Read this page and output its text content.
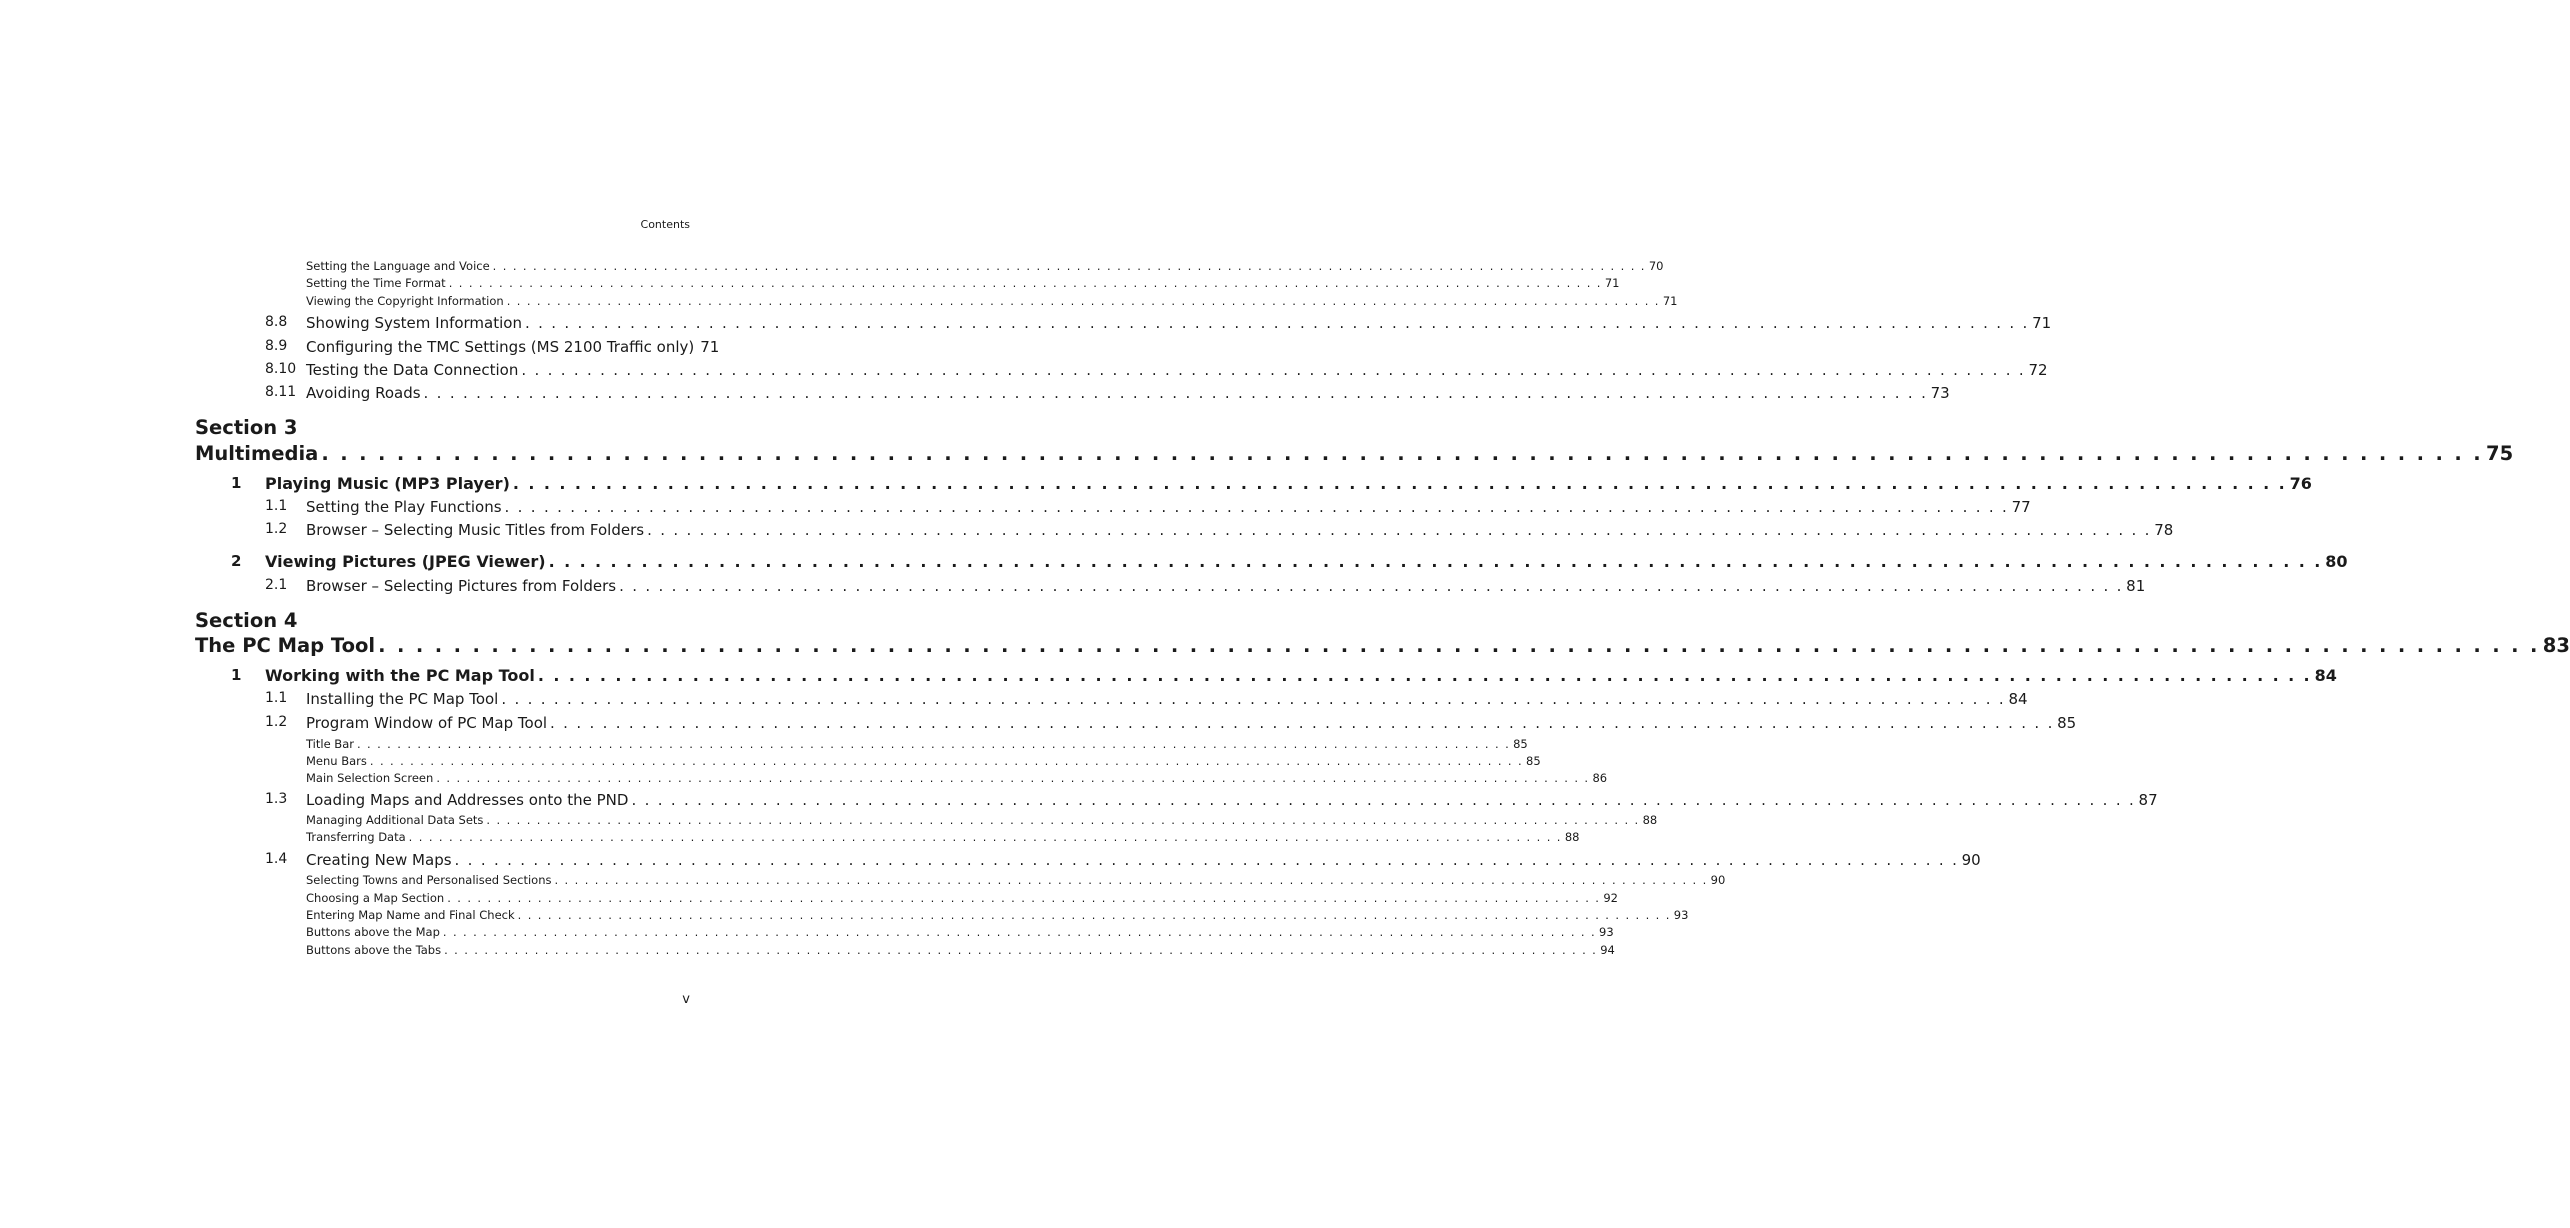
Contents
Setting the Language and Voice . . . . . . . . . . . . . . . . . . . . . . . . . . . . . . . . . . . . . . . . . . . . . . . . . . . . . . . . . . . . . . . . . . . . . . . . . . . . . . . . . . . . . . . . . . . . . . . . . . . . . . . . . . . . . . . . . . . 70
Setting the Time Format . . . . . . . . . . . . . . . . . . . . . . . . . . . . . . . . . . . . . . . . . . . . . . . . . . . . . . . . . . . . . . . . . . . . . . . . . . . . . . . . . . . . . . . . . . . . . . . . . . . . . . . . . . . . . . . . . . . 71
Viewing the Copyright Information . . . . . . . . . . . . . . . . . . . . . . . . . . . . . . . . . . . . . . . . . . . . . . . . . . . . . . . . . . . . . . . . . . . . . . . . . . . . . . . . . . . . . . . . . . . . . . . . . . . . . . . . . . . . . . . . . . . 71
8.8 Showing System Information . . . . . . . . . . . . . . . . . . . . . . . . . . . . . . . . . . . . . . . . . . . . . . . . . . . . . . . . . . . . . . . . . . . . . . . . . . . . . . . . . . . . . . . . . . . . . . . . . . . . . . . . . . . . . . . . . . . 71
8.9 Configuring the TMC Settings (MS 2100 Traffic only) 71
8.10 Testing the Data Connection . . . . . . . . . . . . . . . . . . . . . . . . . . . . . . . . . . . . . . . . . . . . . . . . . . . . . . . . . . . . . . . . . . . . . . . . . . . . . . . . . . . . . . . . . . . . . . . . . . . . . . . . . . . . . . . . . . . 72
8.11 Avoiding Roads . . . . . . . . . . . . . . . . . . . . . . . . . . . . . . . . . . . . . . . . . . . . . . . . . . . . . . . . . . . . . . . . . . . . . . . . . . . . . . . . . . . . . . . . . . . . . . . . . . . . . . . . . . . . . . . . . . . 73
Section 3
Multimedia . . . . . . . . . . . . . . . . . . . . . . . . . . . . . . . . . . . . . . . . . . . . . . . . . . . . . . . . . . . . . . . . . . . . . . . . . . . . . . . . . . . . . . . . . . . . . . . . . . . . . . . . . . . . . . . . . . . 75
1 Playing Music (MP3 Player) . . . . . . . . . . . . . . . . . . . . . . . . . . . . . . . . . . . . . . . . . . . . . . . . . . . . . . . . . . . . . . . . . . . . . . . . . . . . . . . . . . . . . . . . . . . . . . . . . . . . . . . . . . . . . . . . . . . 76
1.1 Setting the Play Functions . . . . . . . . . . . . . . . . . . . . . . . . . . . . . . . . . . . . . . . . . . . . . . . . . . . . . . . . . . . . . . . . . . . . . . . . . . . . . . . . . . . . . . . . . . . . . . . . . . . . . . . . . . . . . . . . . . . 77
1.2 Browser – Selecting Music Titles from Folders . . . . . . . . . . . . . . . . . . . . . . . . . . . . . . . . . . . . . . . . . . . . . . . . . . . . . . . . . . . . . . . . . . . . . . . . . . . . . . . . . . . . . . . . . . . . . . . . . . . . . . . . . . . . . . . . . . . 78
2 Viewing Pictures (JPEG Viewer) . . . . . . . . . . . . . . . . . . . . . . . . . . . . . . . . . . . . . . . . . . . . . . . . . . . . . . . . . . . . . . . . . . . . . . . . . . . . . . . . . . . . . . . . . . . . . . . . . . . . . . . . . . . . . . . . . . . 80
2.1 Browser – Selecting Pictures from Folders . . . . . . . . . . . . . . . . . . . . . . . . . . . . . . . . . . . . . . . . . . . . . . . . . . . . . . . . . . . . . . . . . . . . . . . . . . . . . . . . . . . . . . . . . . . . . . . . . . . . . . . . . . . . . . . . . . . 81
Section 4
The PC Map Tool . . . . . . . . . . . . . . . . . . . . . . . . . . . . . . . . . . . . . . . . . . . . . . . . . . . . . . . . . . . . . . . . . . . . . . . . . . . . . . . . . . . . . . . . . . . . . . . . . . . . . . . . . . . . . . . . . . . 83
1 Working with the PC Map Tool . . . . . . . . . . . . . . . . . . . . . . . . . . . . . . . . . . . . . . . . . . . . . . . . . . . . . . . . . . . . . . . . . . . . . . . . . . . . . . . . . . . . . . . . . . . . . . . . . . . . . . . . . . . . . . . . . . . 84
1.1 Installing the PC Map Tool . . . . . . . . . . . . . . . . . . . . . . . . . . . . . . . . . . . . . . . . . . . . . . . . . . . . . . . . . . . . . . . . . . . . . . . . . . . . . . . . . . . . . . . . . . . . . . . . . . . . . . . . . . . . . . . . . . . 84
1.2 Program Window of PC Map Tool . . . . . . . . . . . . . . . . . . . . . . . . . . . . . . . . . . . . . . . . . . . . . . . . . . . . . . . . . . . . . . . . . . . . . . . . . . . . . . . . . . . . . . . . . . . . . . . . . . . . . . . . . . . . . . . . . . . 85
Title Bar . . . . . . . . . . . . . . . . . . . . . . . . . . . . . . . . . . . . . . . . . . . . . . . . . . . . . . . . . . . . . . . . . . . . . . . . . . . . . . . . . . . . . . . . . . . . . . . . . . . . . . . . . . . . . . . . . . . 85
Menu Bars . . . . . . . . . . . . . . . . . . . . . . . . . . . . . . . . . . . . . . . . . . . . . . . . . . . . . . . . . . . . . . . . . . . . . . . . . . . . . . . . . . . . . . . . . . . . . . . . . . . . . . . . . . . . . . . . . . . 85
Main Selection Screen . . . . . . . . . . . . . . . . . . . . . . . . . . . . . . . . . . . . . . . . . . . . . . . . . . . . . . . . . . . . . . . . . . . . . . . . . . . . . . . . . . . . . . . . . . . . . . . . . . . . . . . . . . . . . . . . . . . 86
1.3 Loading Maps and Addresses onto the PND . . . . . . . . . . . . . . . . . . . . . . . . . . . . . . . . . . . . . . . . . . . . . . . . . . . . . . . . . . . . . . . . . . . . . . . . . . . . . . . . . . . . . . . . . . . . . . . . . . . . . . . . . . . . . . . . . . . 87
Managing Additional Data Sets . . . . . . . . . . . . . . . . . . . . . . . . . . . . . . . . . . . . . . . . . . . . . . . . . . . . . . . . . . . . . . . . . . . . . . . . . . . . . . . . . . . . . . . . . . . . . . . . . . . . . . . . . . . . . . . . . . . 88
Transferring Data . . . . . . . . . . . . . . . . . . . . . . . . . . . . . . . . . . . . . . . . . . . . . . . . . . . . . . . . . . . . . . . . . . . . . . . . . . . . . . . . . . . . . . . . . . . . . . . . . . . . . . . . . . . . . . . . . . . 88
1.4 Creating New Maps . . . . . . . . . . . . . . . . . . . . . . . . . . . . . . . . . . . . . . . . . . . . . . . . . . . . . . . . . . . . . . . . . . . . . . . . . . . . . . . . . . . . . . . . . . . . . . . . . . . . . . . . . . . . . . . . . . . 90
Selecting Towns and Personalised Sections . . . . . . . . . . . . . . . . . . . . . . . . . . . . . . . . . . . . . . . . . . . . . . . . . . . . . . . . . . . . . . . . . . . . . . . . . . . . . . . . . . . . . . . . . . . . . . . . . . . . . . . . . . . . . . . . . . . 90
Choosing a Map Section . . . . . . . . . . . . . . . . . . . . . . . . . . . . . . . . . . . . . . . . . . . . . . . . . . . . . . . . . . . . . . . . . . . . . . . . . . . . . . . . . . . . . . . . . . . . . . . . . . . . . . . . . . . . . . . . . . . 92
Entering Map Name and Final Check . . . . . . . . . . . . . . . . . . . . . . . . . . . . . . . . . . . . . . . . . . . . . . . . . . . . . . . . . . . . . . . . . . . . . . . . . . . . . . . . . . . . . . . . . . . . . . . . . . . . . . . . . . . . . . . . . . . 93
Buttons above the Map . . . . . . . . . . . . . . . . . . . . . . . . . . . . . . . . . . . . . . . . . . . . . . . . . . . . . . . . . . . . . . . . . . . . . . . . . . . . . . . . . . . . . . . . . . . . . . . . . . . . . . . . . . . . . . . . . . . 93
Buttons above the Tabs . . . . . . . . . . . . . . . . . . . . . . . . . . . . . . . . . . . . . . . . . . . . . . . . . . . . . . . . . . . . . . . . . . . . . . . . . . . . . . . . . . . . . . . . . . . . . . . . . . . . . . . . . . . . . . . . . . . 94
v
